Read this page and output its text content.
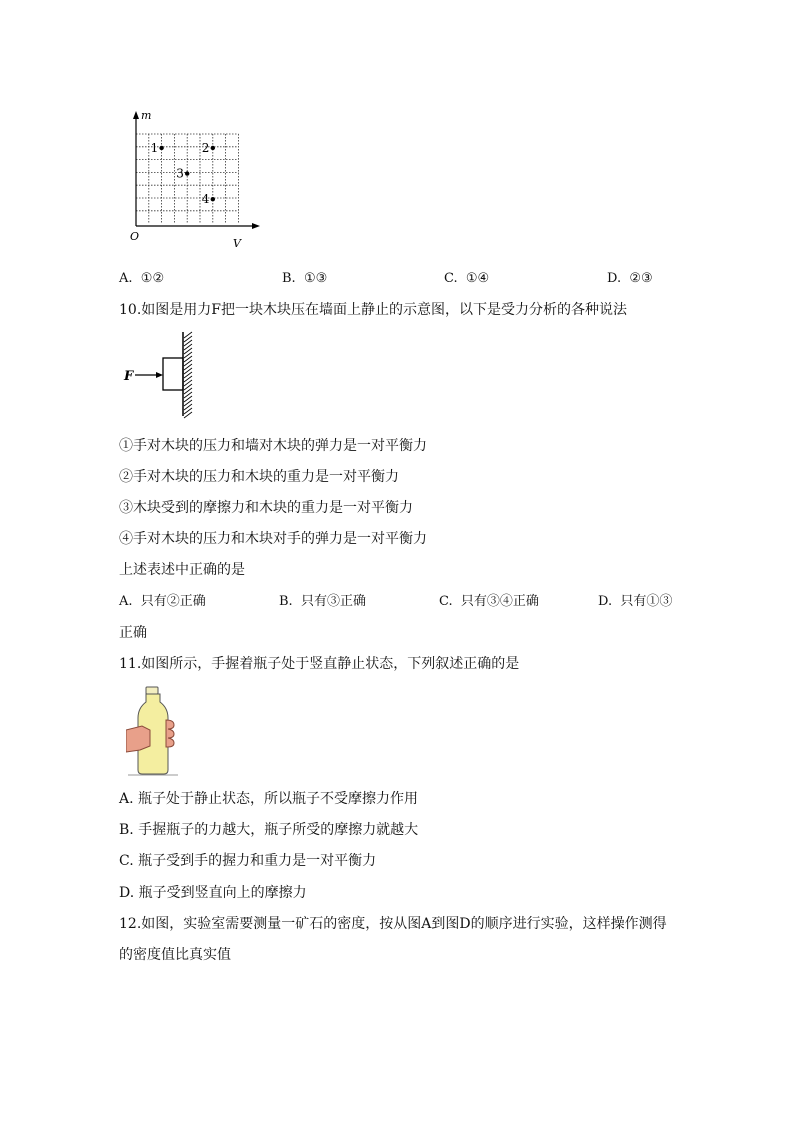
m
V
O
1	2
3
4
A. ①②	B. ①③	C. ①④	D. ②③
10.如图是用力F把一块木块压在墙面上静止的示意图，以下是受力分析的各种说法
F
①手对木块的压力和墙对木块的弹力是一对平衡力
②手对木块的压力和木块的重力是一对平衡力
③木块受到的摩擦力和木块的重力是一对平衡力
④手对木块的压力和木块对手的弹力是一对平衡力
上述表述中正确的是
A. 只有②正确	B. 只有③正确	C. 只有③④正确	D. 只有①③
正确
11.如图所示，手握着瓶子处于竖直静止状态，下列叙述正确的是
A. 瓶子处于静止状态，所以瓶子不受摩擦力作用
B. 手握瓶子的力越大，瓶子所受的摩擦力就越大
C. 瓶子受到手的握力和重力是一对平衡力
D. 瓶子受到竖直向上的摩擦力
12.如图，实验室需要测量一矿石的密度，按从图A到图D的顺序进行实验，这样操作测得
的密度值比真实值
